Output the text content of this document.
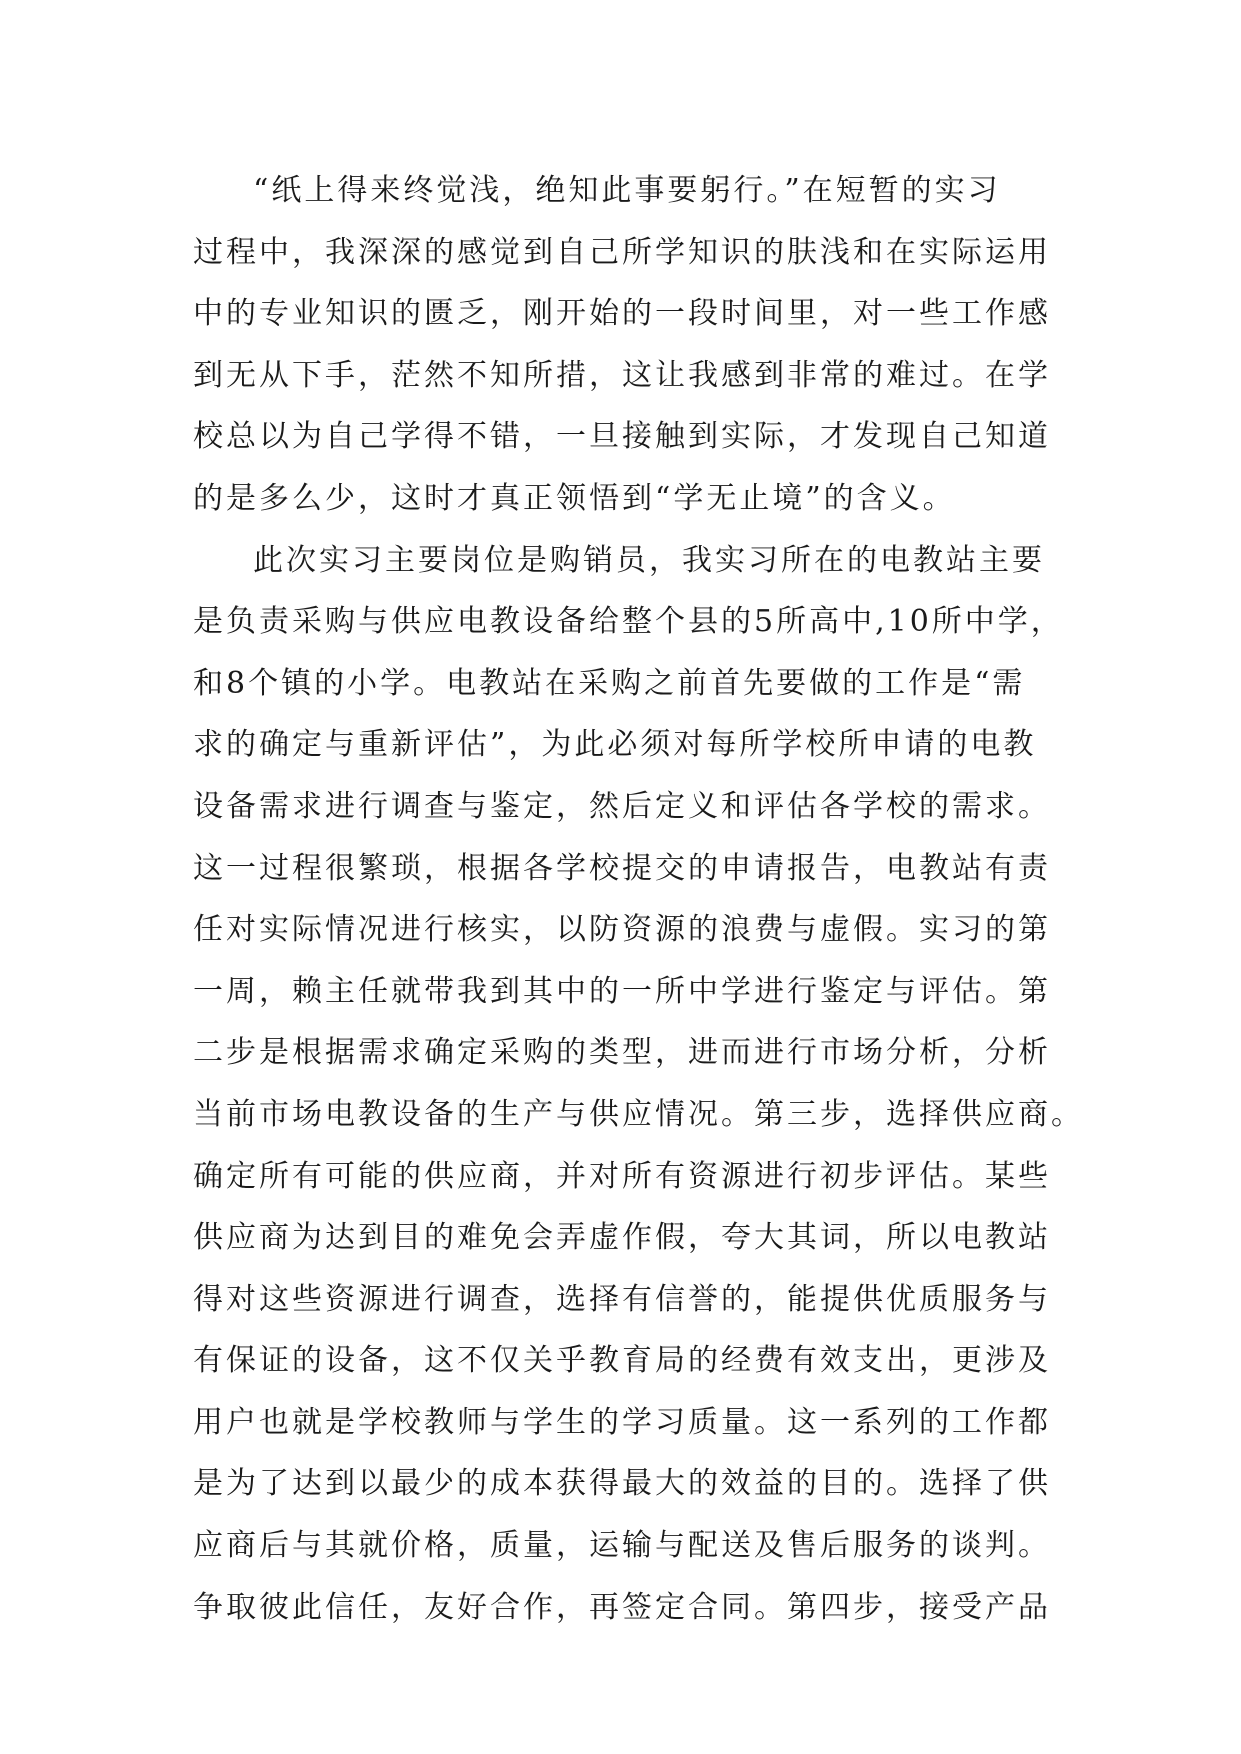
“纸上得来终觉浅，绝知此事要躬行。”在短暂的实习
过程中，我深深的感觉到自己所学知识的肤浅和在实际运用
中的专业知识的匮乏，刚开始的一段时间里，对一些工作感
到无从下手，茫然不知所措，这让我感到非常的难过。在学
校总以为自己学得不错，一旦接触到实际，才发现自己知道
的是多么少，这时才真正领悟到“学无止境”的含义。
此次实习主要岗位是购销员，我实习所在的电教站主要
是负责采购与供应电教设备给整个县的5所高中,10所中学，
和8个镇的小学。电教站在采购之前首先要做的工作是“需
求的确定与重新评估”，为此必须对每所学校所申请的电教
设备需求进行调查与鉴定，然后定义和评估各学校的需求。
这一过程很繁琐，根据各学校提交的申请报告，电教站有责
任对实际情况进行核实，以防资源的浪费与虚假。实习的第
一周，赖主任就带我到其中的一所中学进行鉴定与评估。第
二步是根据需求确定采购的类型，进而进行市场分析，分析
当前市场电教设备的生产与供应情况。第三步，选择供应商。
确定所有可能的供应商，并对所有资源进行初步评估。某些
供应商为达到目的难免会弄虚作假，夸大其词，所以电教站
得对这些资源进行调查，选择有信誉的，能提供优质服务与
有保证的设备，这不仅关乎教育局的经费有效支出，更涉及
用户也就是学校教师与学生的学习质量。这一系列的工作都
是为了达到以最少的成本获得最大的效益的目的。选择了供
应商后与其就价格，质量，运输与配送及售后服务的谈判。
争取彼此信任，友好合作，再签定合同。第四步，接受产品
